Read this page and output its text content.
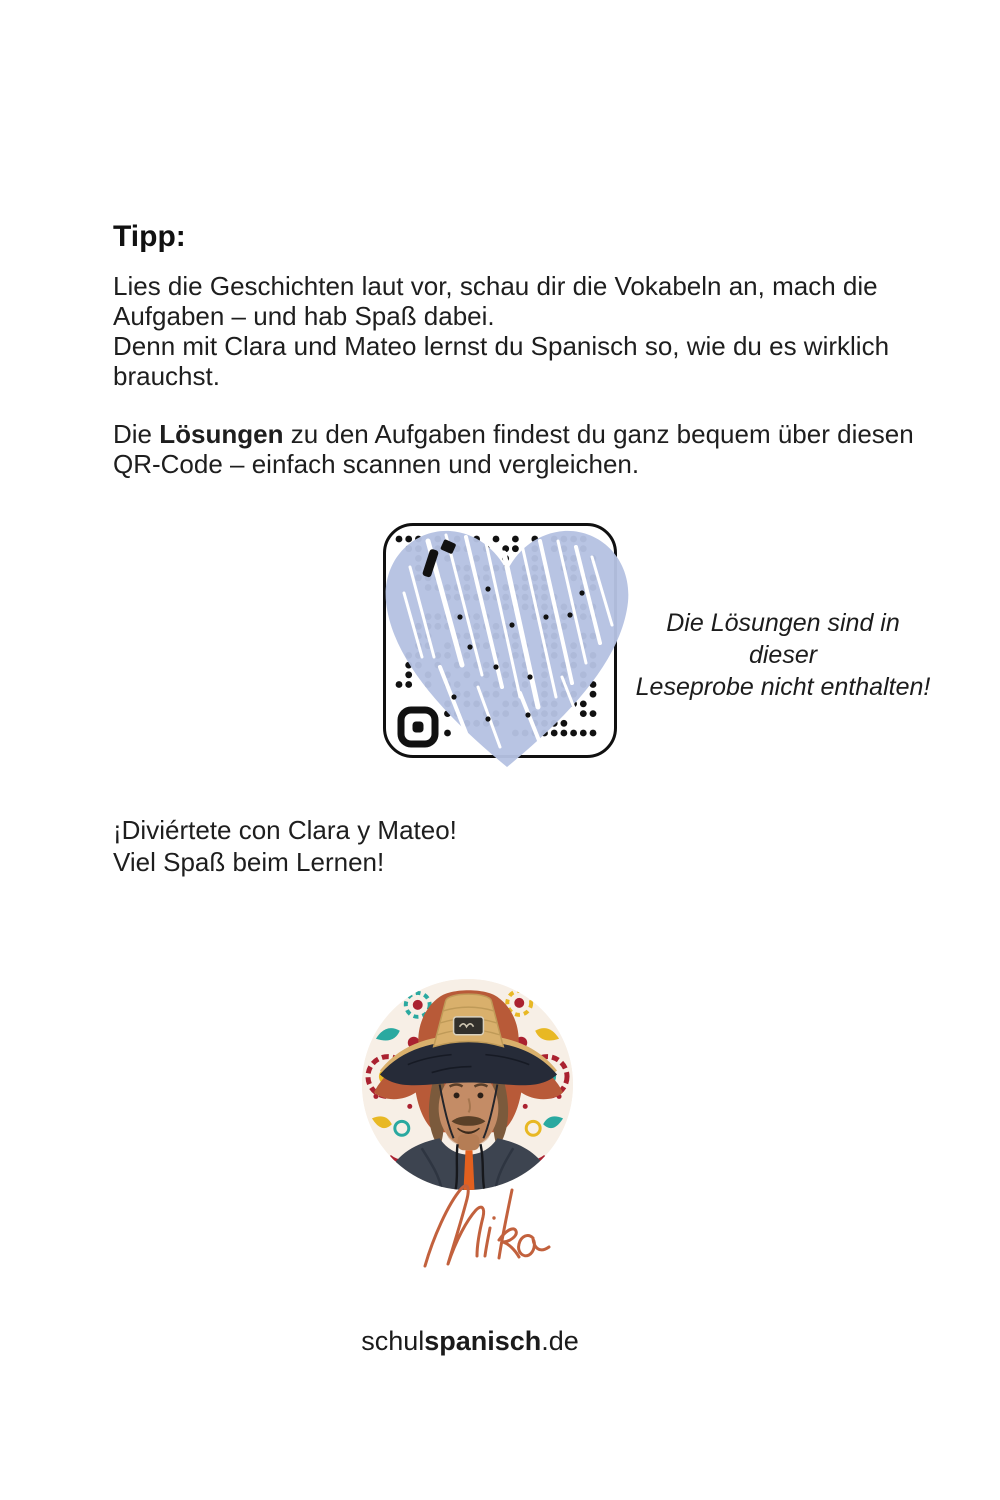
Tipp:
Lies die Geschichten laut vor, schau dir die Vokabeln an, mach die
Aufgaben – und hab Spaß dabei.
Denn mit Clara und Mateo lernst du Spanisch so, wie du es wirklich
brauchst.
Die Lösungen zu den Aufgaben findest du ganz bequem über diesen
QR-Code – einfach scannen und vergleichen.
Die Lösungen sind in dieser
Leseprobe nicht enthalten!
¡Diviértete con Clara y Mateo!
Viel Spaß beim Lernen!
schulspanisch.de
